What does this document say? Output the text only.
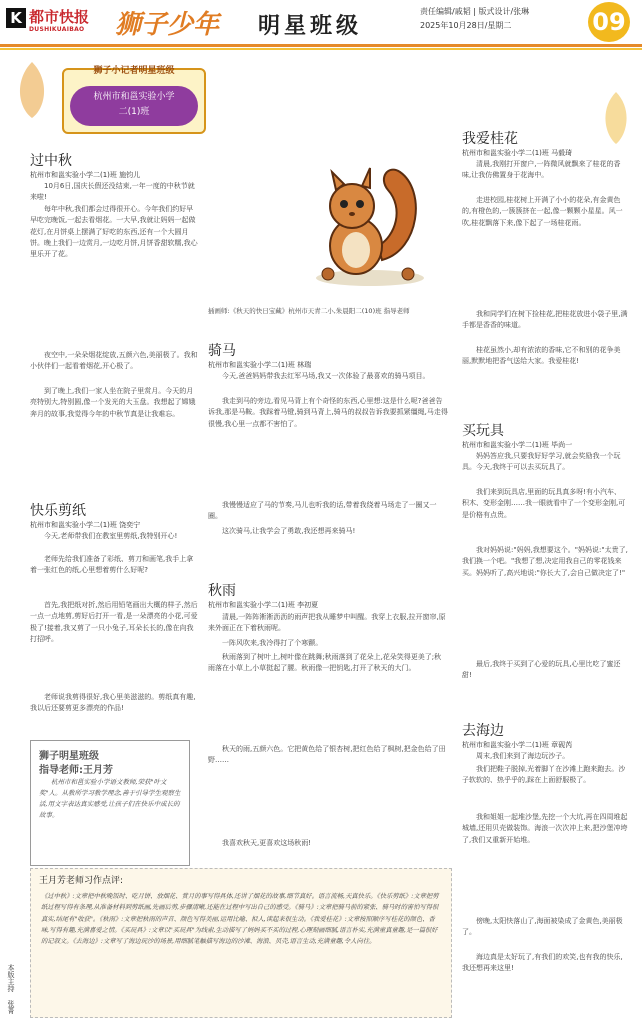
K 都市快报
DUSHIKUAIBAO 狮子少年 明星班级
责任编辑/戚韬 | 版式设计/张琳
2025年10月28日/星期二	09
狮子小记者明星班级
杭州市和邕实验小学
二(1)班
插画师:《秋天的快日宝藏》杭州市天青二小,朱晨阳二(10)班 指导老师
过中秋
杭州市和邕实验小学二(1)班 施钧儿

10月6日,国庆长假还没结束,一年一度的中秋节就来啦!

每年中秋,我们都会过得很开心。今年我们约好早早吃完晚饭,一起去看烟花。一大早,我就让妈妈一起做花灯,在月饼桌上摆满了好吃的东西,还有一个大圆月饼。晚上我们一边赏月,一边吃月饼,月饼香甜软糯,我心里乐开了花。

夜空中,一朵朵烟花绽放,五颜六色,美丽极了。我和小伙伴们一起看着烟花,开心极了。

到了晚上,我们一家人坐在院子里赏月。今天的月亮特别大,特别圆,像一个发光的大玉盘。我想起了嫦娥奔月的故事,我觉得今年的中秋节真是让我难忘。

快乐剪纸
杭州市和邕实验小学二(1)班 饶奕宁

今天,老师带我们在教室里剪纸,我特别开心!

老师先给我们准备了彩纸、剪刀和画笔,我手上拿着一张红色的纸,心里想着剪什么好呢?

首先,我把纸对折,然后用铅笔画出大概的样子,然后一点一点地剪,剪好后打开一看,是一朵漂亮的小花,可爱极了!接着,我又剪了一只小兔子,耳朵长长的,像在向我打招呼。

老师说我剪得很好,我心里美滋滋的。剪纸真有趣,我以后还要剪更多漂亮的作品!

狮子明星班级
指导老师:王月芳
杭州市和邕实验小学语文教师,荣获"叶文奖"人。从教所学习教学理念,善于引导学生观察生活,用文字表达真实感受,让孩子们在快乐中成长的故事。
骑马
杭州市和邕实验小学二(1)班 林瑞

今天,爸爸妈妈带我去红军马场,我又一次体验了最喜欢的骑马项目。

我走到马的旁边,看见马背上有个奇怪的东西,心里想:这是什么呢?爸爸告诉我,那是马鞍。我踩着马镫,骑到马背上,骑马的叔叔告诉我要抓紧缰绳,马走得很慢,我心里一点都不害怕了。

我慢慢适应了马的节奏,马儿也听我的话,带着我绕着马场走了一圈又一圈。

这次骑马,让我学会了勇敢,我还想再来骑马!

秋雨
杭州市和邕实验小学二(1)班 李初夏

清晨,一阵阵淅淅沥沥的雨声把我从睡梦中叫醒。我穿上衣服,拉开窗帘,原来外面正在下着秋雨呢。

一阵风吹来,我冷得打了个寒颤。

秋雨落到了树叶上,树叶像在跳舞;秋雨落到了花朵上,花朵笑得更美了;秋雨落在小草上,小草挺起了腰。秋雨像一把钥匙,打开了秋天的大门。

秋天的雨,五颜六色。它把黄色给了银杏树,把红色给了枫树,把金色给了田野……

我喜欢秋天,更喜欢这场秋雨!

我爱桂花
杭州市和邕实验小学二(1)班 马毅琦

清晨,我刚打开窗户,一阵微风就飘来了桂花的香味,让我仿佛置身于花海中。

走进校园,桂花树上开满了小小的花朵,有金黄色的,有橙色的,一簇簇挤在一起,像一颗颗小星星。风一吹,桂花飘落下来,像下起了一场桂花雨。

我和同学们在树下捡桂花,把桂花放进小袋子里,满手都是香香的味道。

桂花虽然小,却有浓浓的香味,它不和别的花争美丽,默默地把香气送给大家。我爱桂花!

买玩具
杭州市和邕实验小学二(1)班 毕尚一

妈妈答应我,只要我好好学习,就会奖励我一个玩具。今天,我终于可以去买玩具了。

我们来到玩具店,里面的玩具真多呀!有小汽车、积木、变形金刚……我一眼就看中了一个变形金刚,可是价格有点贵。

我对妈妈说:"妈妈,我想要这个。"妈妈说:"太贵了,我们换一个吧。"我想了想,决定用我自己的零花钱来买。妈妈听了,高兴地说:"你长大了,会自己做决定了!"

最后,我终于买到了心爱的玩具,心里比吃了蜜还甜!

去海边
杭州市和邕实验小学二(1)班 章砚芮

周末,我们来到了海边玩沙子。

我们把鞋子脱掉,光着脚丫在沙滩上跑来跑去。沙子软软的、热乎乎的,踩在上面舒服极了。

我和姐姐一起堆沙堡,先挖一个大坑,再在四周堆起城墙,还用贝壳做装饰。海浪一次次冲上来,把沙堡冲垮了,我们又重新开始堆。

傍晚,太阳快落山了,海面被染成了金黄色,美丽极了。

海边真是太好玩了,有我们的欢笑,也有我的快乐,我还想再来这里!

王月芳老师习作点评:
《过中秋》:文章把中秋晚饭时、吃月饼、放烟花、赏月的事写得具体,还讲了烟花的故事,细节真好。语言流畅,天真快乐。《快乐剪纸》:文章把剪纸过程写得有条理,从准备材料到剪纸画,先画后剪,步骤清晰,还能在过程中写出自己的感受。《骑马》:文章把骑马前的紧张、骑马时的害怕写得很真实,结尾有"收获"。《秋雨》:文章把秋雨的声音、颜色写得美丽,运用比喻、拟人,读起来很生动。《我爱桂花》:文章按照顺序写桂花的颜色、香味,写得有趣,充满喜爱之情。《买玩具》:文章以"买玩具"为线索,生动描写了妈妈买不买的过程,心理刻画细腻,语言朴实,充满童真童趣,是一篇很好的记叙文。《去海边》:文章写了海边玩沙的场景,用细腻笔触描写海边的沙滩、海浪、贝壳,语言生动,充满童趣,令人向往。
本版主持
张菁
